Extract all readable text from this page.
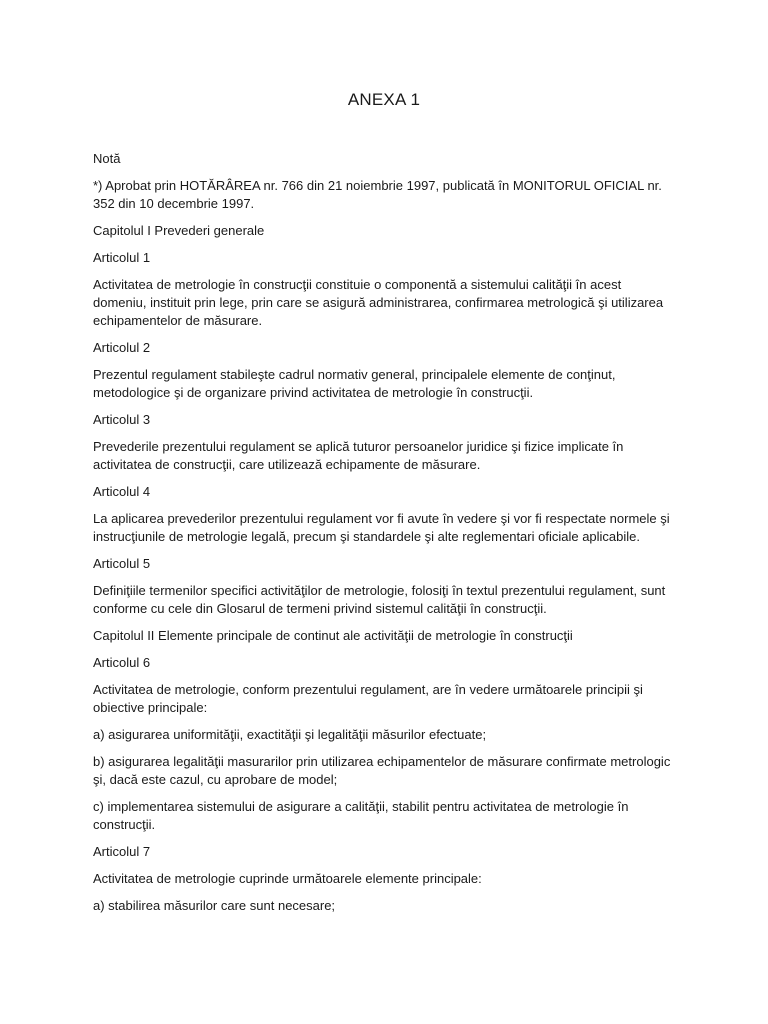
ANEXA 1

Notă

*) Aprobat prin HOTĂRÂREA nr. 766 din 21 noiembrie 1997, publicată în MONITORUL OFICIAL nr. 352 din 10 decembrie 1997.

Capitolul I Prevederi generale

Articolul 1

Activitatea de metrologie în construcţii constituie o componentă a sistemului calităţii în acest domeniu, instituit prin lege, prin care se asigură administrarea, confirmarea metrologică şi utilizarea echipamentelor de măsurare.

Articolul 2

Prezentul regulament stabileşte cadrul normativ general, principalele elemente de conţinut, metodologice şi de organizare privind activitatea de metrologie în construcţii.

Articolul 3

Prevederile prezentului regulament se aplică tuturor persoanelor juridice şi fizice implicate în activitatea de construcţii, care utilizează echipamente de măsurare.

Articolul 4

La aplicarea prevederilor prezentului regulament vor fi avute în vedere şi vor fi respectate normele şi instrucţiunile de metrologie legală, precum şi standardele şi alte reglementari oficiale aplicabile.

Articolul 5

Definiţiile termenilor specifici activităţilor de metrologie, folosiţi în textul prezentului regulament, sunt conforme cu cele din Glosarul de termeni privind sistemul calităţii în construcţii.

Capitolul II Elemente principale de continut ale activităţii de metrologie în construcţii

Articolul 6

Activitatea de metrologie, conform prezentului regulament, are în vedere următoarele principii şi obiective principale:

a) asigurarea uniformităţii, exactităţii şi legalităţii măsurilor efectuate;

b) asigurarea legalităţii masurarilor prin utilizarea echipamentelor de măsurare confirmate metrologic şi, dacă este cazul, cu aprobare de model;

c) implementarea sistemului de asigurare a calităţii, stabilit pentru activitatea de metrologie în construcţii.

Articolul 7

Activitatea de metrologie cuprinde următoarele elemente principale:

a) stabilirea măsurilor care sunt necesare;
